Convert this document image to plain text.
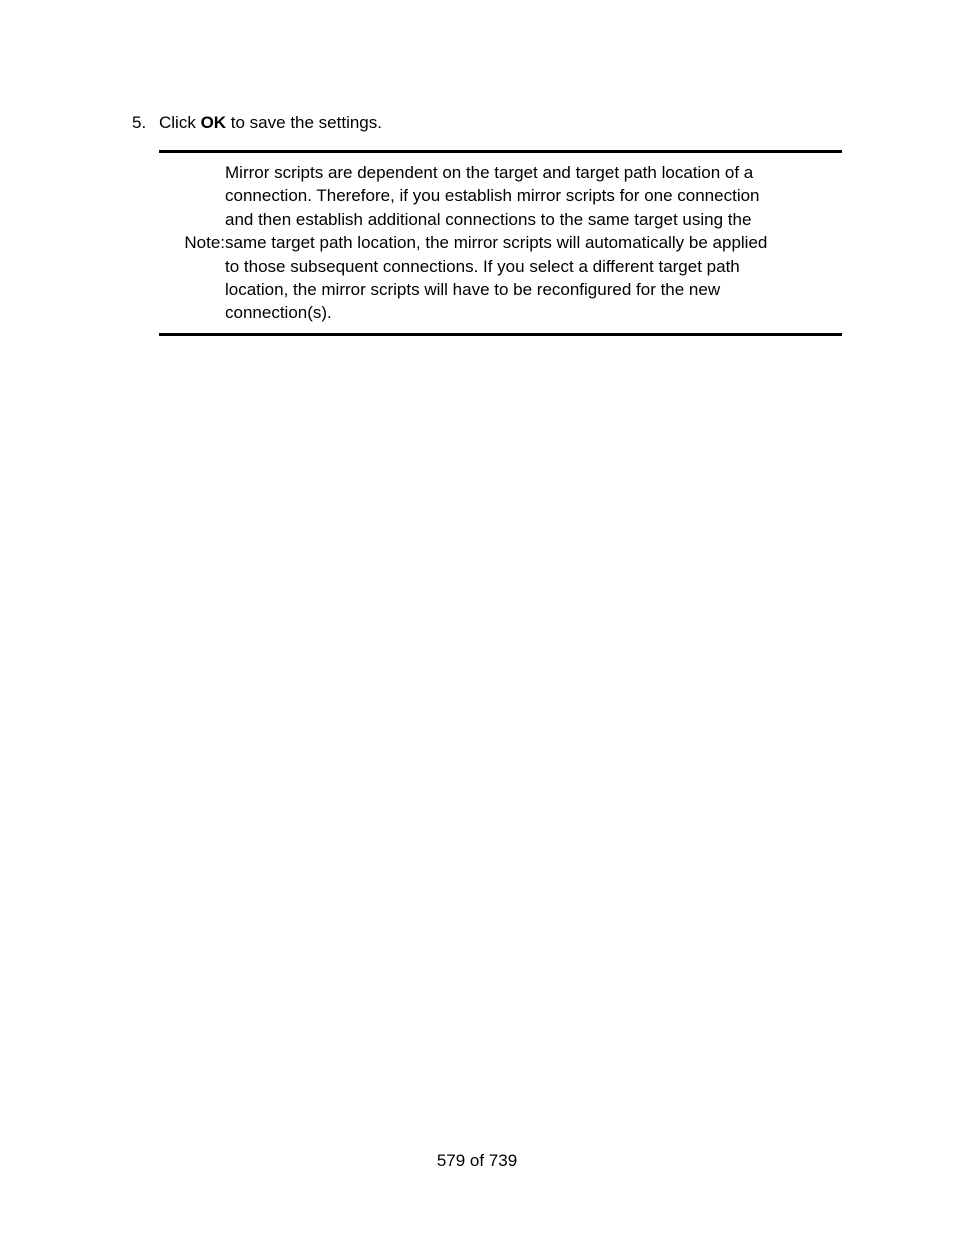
5. Click OK to save the settings.
Note:
Mirror scripts are dependent on the target and target path location of a
connection. Therefore, if you establish mirror scripts for one connection
and then establish additional connections to the same target using the
same target path location, the mirror scripts will automatically be applied
to those subsequent connections. If you select a different target path
location, the mirror scripts will have to be reconfigured for the new
connection(s).
579 of 739
